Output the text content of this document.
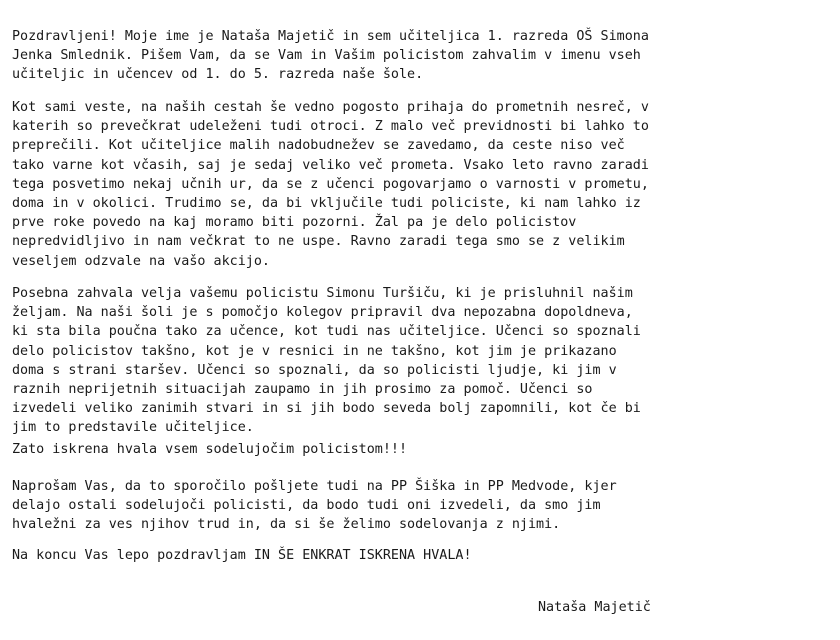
Pozdravljeni! Moje ime je Nataša Majetič in sem učiteljica 1. razreda OŠ Simona
Jenka Smlednik. Pišem Vam, da se Vam in Vašim policistom zahvalim v imenu vseh
učiteljic in učencev od 1. do 5. razreda naše šole.
Kot sami veste, na naših cestah še vedno pogosto prihaja do prometnih nesreč, v
katerih so prevečkrat udeleženi tudi otroci. Z malo več previdnosti bi lahko to
preprečili. Kot učiteljice malih nadobudnežev se zavedamo, da ceste niso več
tako varne kot včasih, saj je sedaj veliko več prometa. Vsako leto ravno zaradi
tega posvetimo nekaj učnih ur, da se z učenci pogovarjamo o varnosti v prometu,
doma in v okolici. Trudimo se, da bi vključile tudi policiste, ki nam lahko iz
prve roke povedo na kaj moramo biti pozorni. Žal pa je delo policistov
nepredvidljivo in nam večkrat to ne uspe. Ravno zaradi tega smo se z velikim
veseljem odzvale na vašo akcijo.
Posebna zahvala velja vašemu policistu Simonu Turšiču, ki je prisluhnil našim
željam. Na naši šoli je s pomočjo kolegov pripravil dva nepozabna dopoldneva,
ki sta bila poučna tako za učence, kot tudi nas učiteljice. Učenci so spoznali
delo policistov takšno, kot je v resnici in ne takšno, kot jim je prikazano
doma s strani staršev. Učenci so spoznali, da so policisti ljudje, ki jim v
raznih neprijetnih situacijah zaupamo in jih prosimo za pomoč. Učenci so
izvedeli veliko zanimih stvari in si jih bodo seveda bolj zapomnili, kot če bi
jim to predstavile učiteljice.
Zato iskrena hvala vsem sodelujočim policistom!!!
Naprošam Vas, da to sporočilo pošljete tudi na PP Šiška in PP Medvode, kjer
delajo ostali sodelujoči policisti, da bodo tudi oni izvedeli, da smo jim
hvaležni za ves njihov trud in, da si še želimo sodelovanja z njimi.
Na koncu Vas lepo pozdravljam IN ŠE ENKRAT ISKRENA HVALA!
Nataša Majetič
